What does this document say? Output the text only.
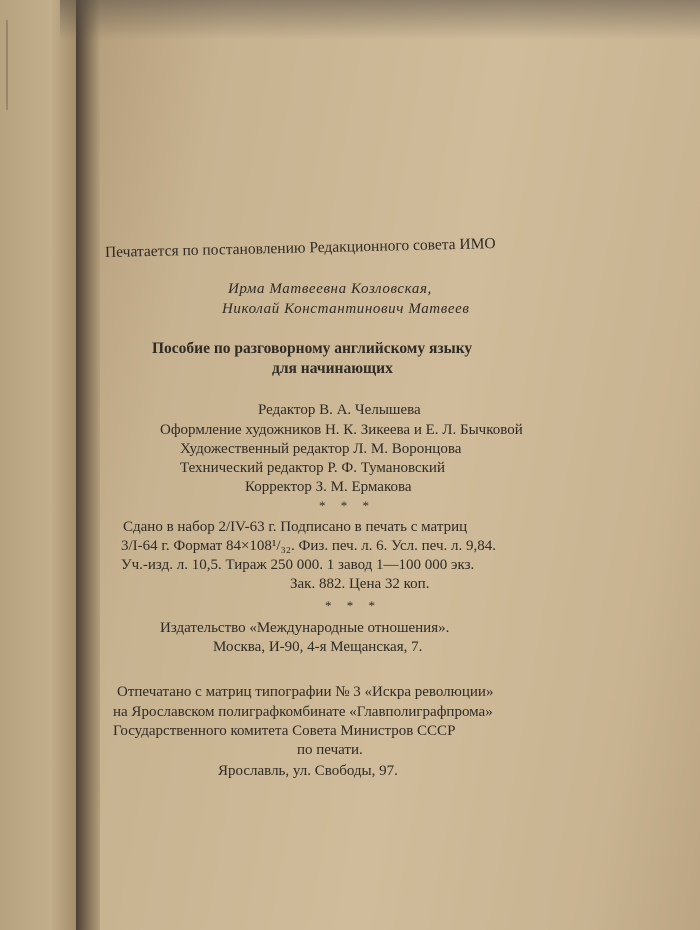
Печатается по постановлению Редакционного совета ИМО
Ирма Матвеевна Козловская,
Николай Константинович Матвеев
Пособие по разговорному английскому языку
для начинающих
Редактор В. А. Челышева
Оформление художников Н. К. Зикеева и Е. Л. Бычковой
Художественный редактор Л. М. Воронцова
Технический редактор Р. Ф. Тумановский
Корректор З. М. Ермакова
* * *
Сдано в набор 2/IV-63 г. Подписано в печать с матриц
3/I-64 г. Формат 84×108¹/₃₂. Физ. печ. л. 6. Усл. печ. л. 9,84.
Уч.-изд. л. 10,5. Тираж 250 000. 1 завод 1—100 000 экз.
Зак. 882. Цена 32 коп.
* * *
Издательство «Международные отношения».
Москва, И-90, 4-я Мещанская, 7.
Отпечатано с матриц типографии № 3 «Искра революции»
на Ярославском полиграфкомбинате «Главполиграфпрома»
Государственного комитета Совета Министров СССР
по печати.
Ярославль, ул. Свободы, 97.
